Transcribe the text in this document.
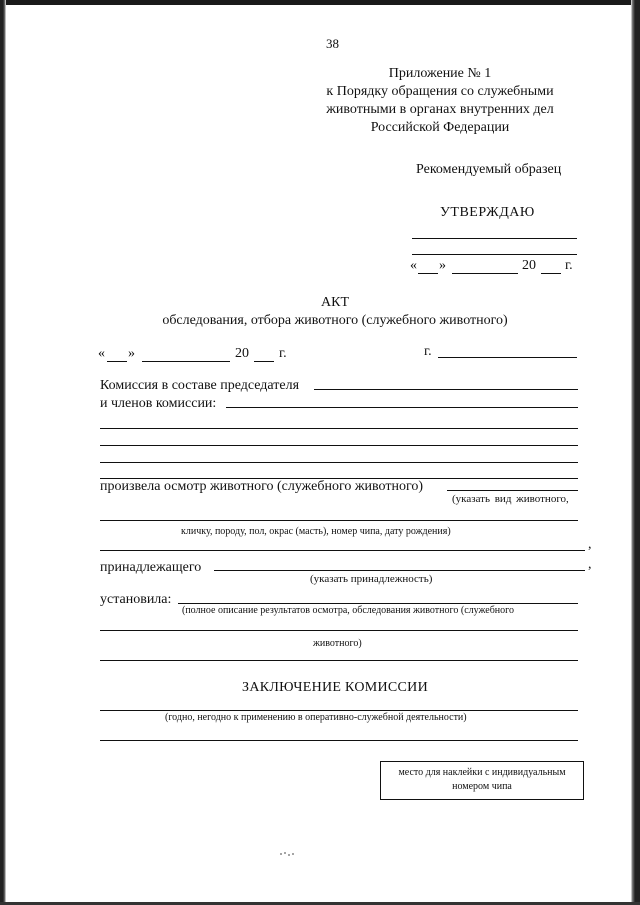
38
Приложение № 1
к Порядку обращения со служебными
животными в органах внутренних дел
Российской Федерации
Рекомендуемый образец
УТВЕРЖДАЮ
« »	20 г.
АКТ
обследования, отбора животного (служебного животного)
« »	20 г.	г.
Комиссия в составе председателя
и членов комиссии:
произвела осмотр животного (служебного животного)
(указать вид животного,
кличку, породу, пол, окрас (масть), номер чипа, дату рождения)
,
принадлежащего	,
(указать принадлежность)
установила:
(полное описание результатов осмотра, обследования животного (служебного
животного)
ЗАКЛЮЧЕНИЕ КОМИССИИ
(годно, негодно к применению в оперативно-служебной деятельности)
место для наклейки с индивидуальным
номером чипа
